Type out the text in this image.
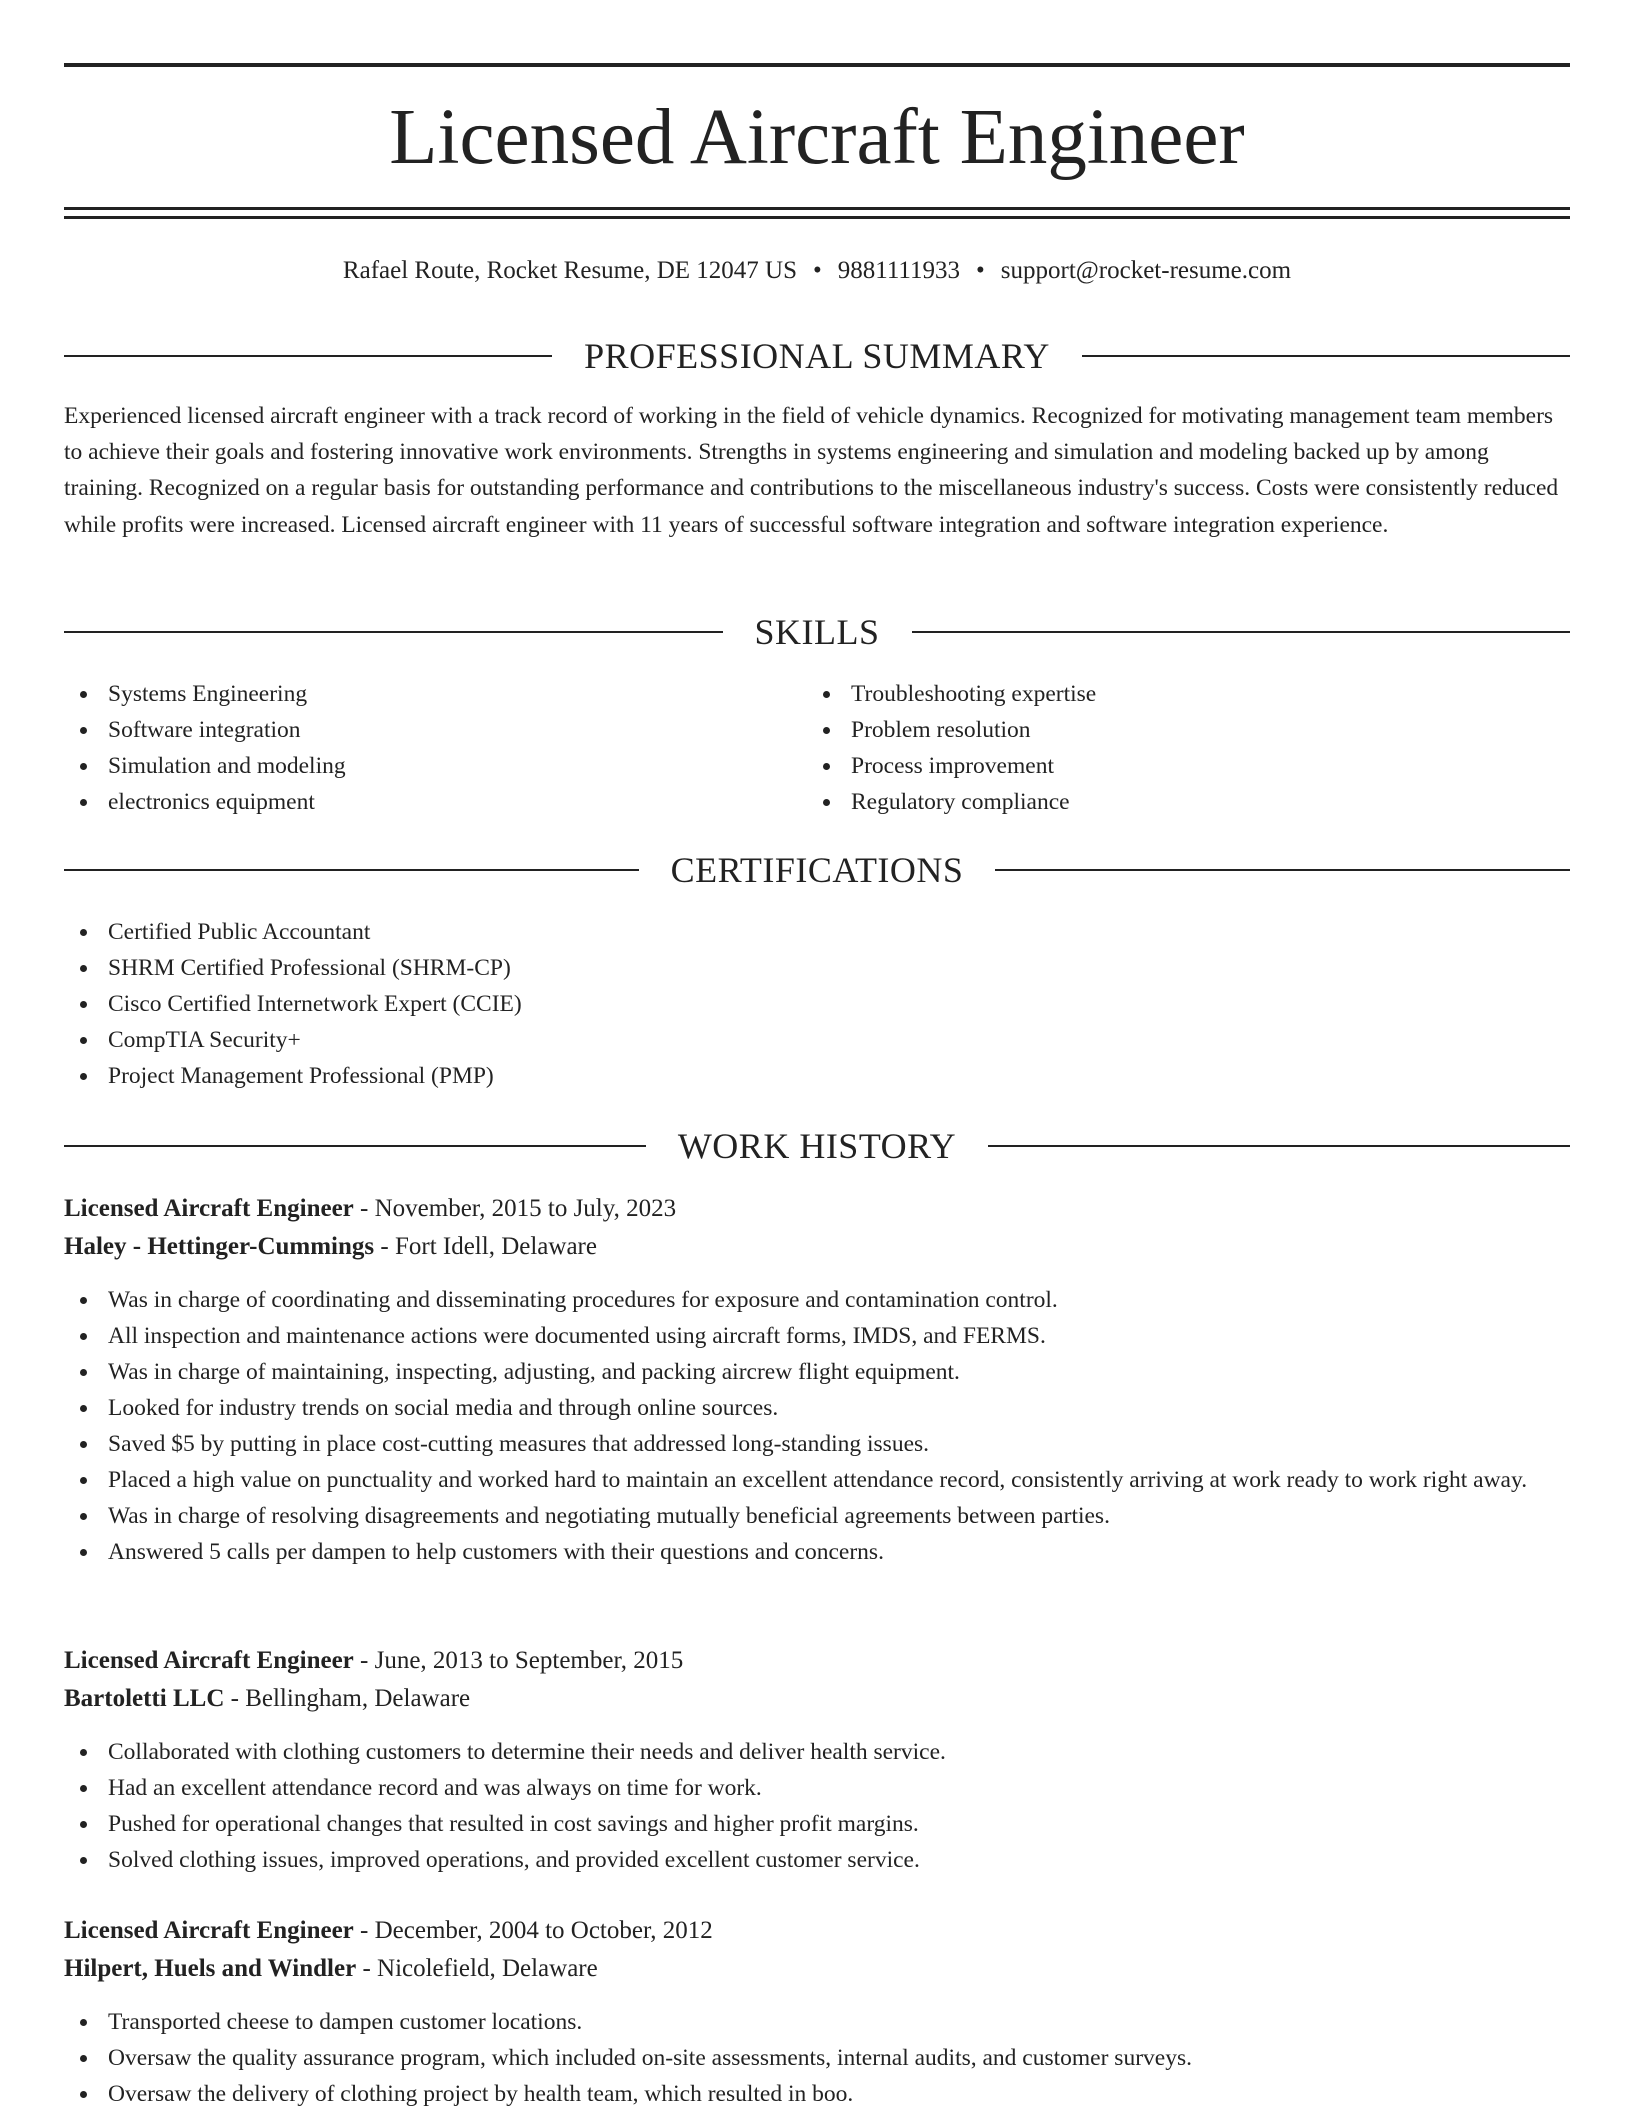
Licensed Aircraft Engineer
Rafael Route, Rocket Resume, DE 12047 US • 9881111933 • support@rocket-resume.com
PROFESSIONAL SUMMARY

Experienced licensed aircraft engineer with a track record of working in the field of vehicle dynamics. Recognized for motivating management team members to achieve their goals and fostering innovative work environments. Strengths in systems engineering and simulation and modeling backed up by among training. Recognized on a regular basis for outstanding performance and contributions to the miscellaneous industry's success. Costs were consistently reduced while profits were increased. Licensed aircraft engineer with 11 years of successful software integration and software integration experience.

SKILLS
Systems Engineering
Software integration
Simulation and modeling
electronics equipment
Troubleshooting expertise
Problem resolution
Process improvement
Regulatory compliance
CERTIFICATIONS
Certified Public Accountant
SHRM Certified Professional (SHRM-CP)
Cisco Certified Internetwork Expert (CCIE)
CompTIA Security+
Project Management Professional (PMP)
WORK HISTORY
Licensed Aircraft Engineer - November, 2015 to July, 2023
Haley - Hettinger-Cummings - Fort Idell, Delaware
Was in charge of coordinating and disseminating procedures for exposure and contamination control.
All inspection and maintenance actions were documented using aircraft forms, IMDS, and FERMS.
Was in charge of maintaining, inspecting, adjusting, and packing aircrew flight equipment.
Looked for industry trends on social media and through online sources.
Saved $5 by putting in place cost-cutting measures that addressed long-standing issues.
Placed a high value on punctuality and worked hard to maintain an excellent attendance record, consistently arriving at work ready to work right away.
Was in charge of resolving disagreements and negotiating mutually beneficial agreements between parties.
Answered 5 calls per dampen to help customers with their questions and concerns.
Licensed Aircraft Engineer - June, 2013 to September, 2015
Bartoletti LLC - Bellingham, Delaware
Collaborated with clothing customers to determine their needs and deliver health service.
Had an excellent attendance record and was always on time for work.
Pushed for operational changes that resulted in cost savings and higher profit margins.
Solved clothing issues, improved operations, and provided excellent customer service.
Licensed Aircraft Engineer - December, 2004 to October, 2012
Hilpert, Huels and Windler - Nicolefield, Delaware
Transported cheese to dampen customer locations.
Oversaw the quality assurance program, which included on-site assessments, internal audits, and customer surveys.
Oversaw the delivery of clothing project by health team, which resulted in boo.
